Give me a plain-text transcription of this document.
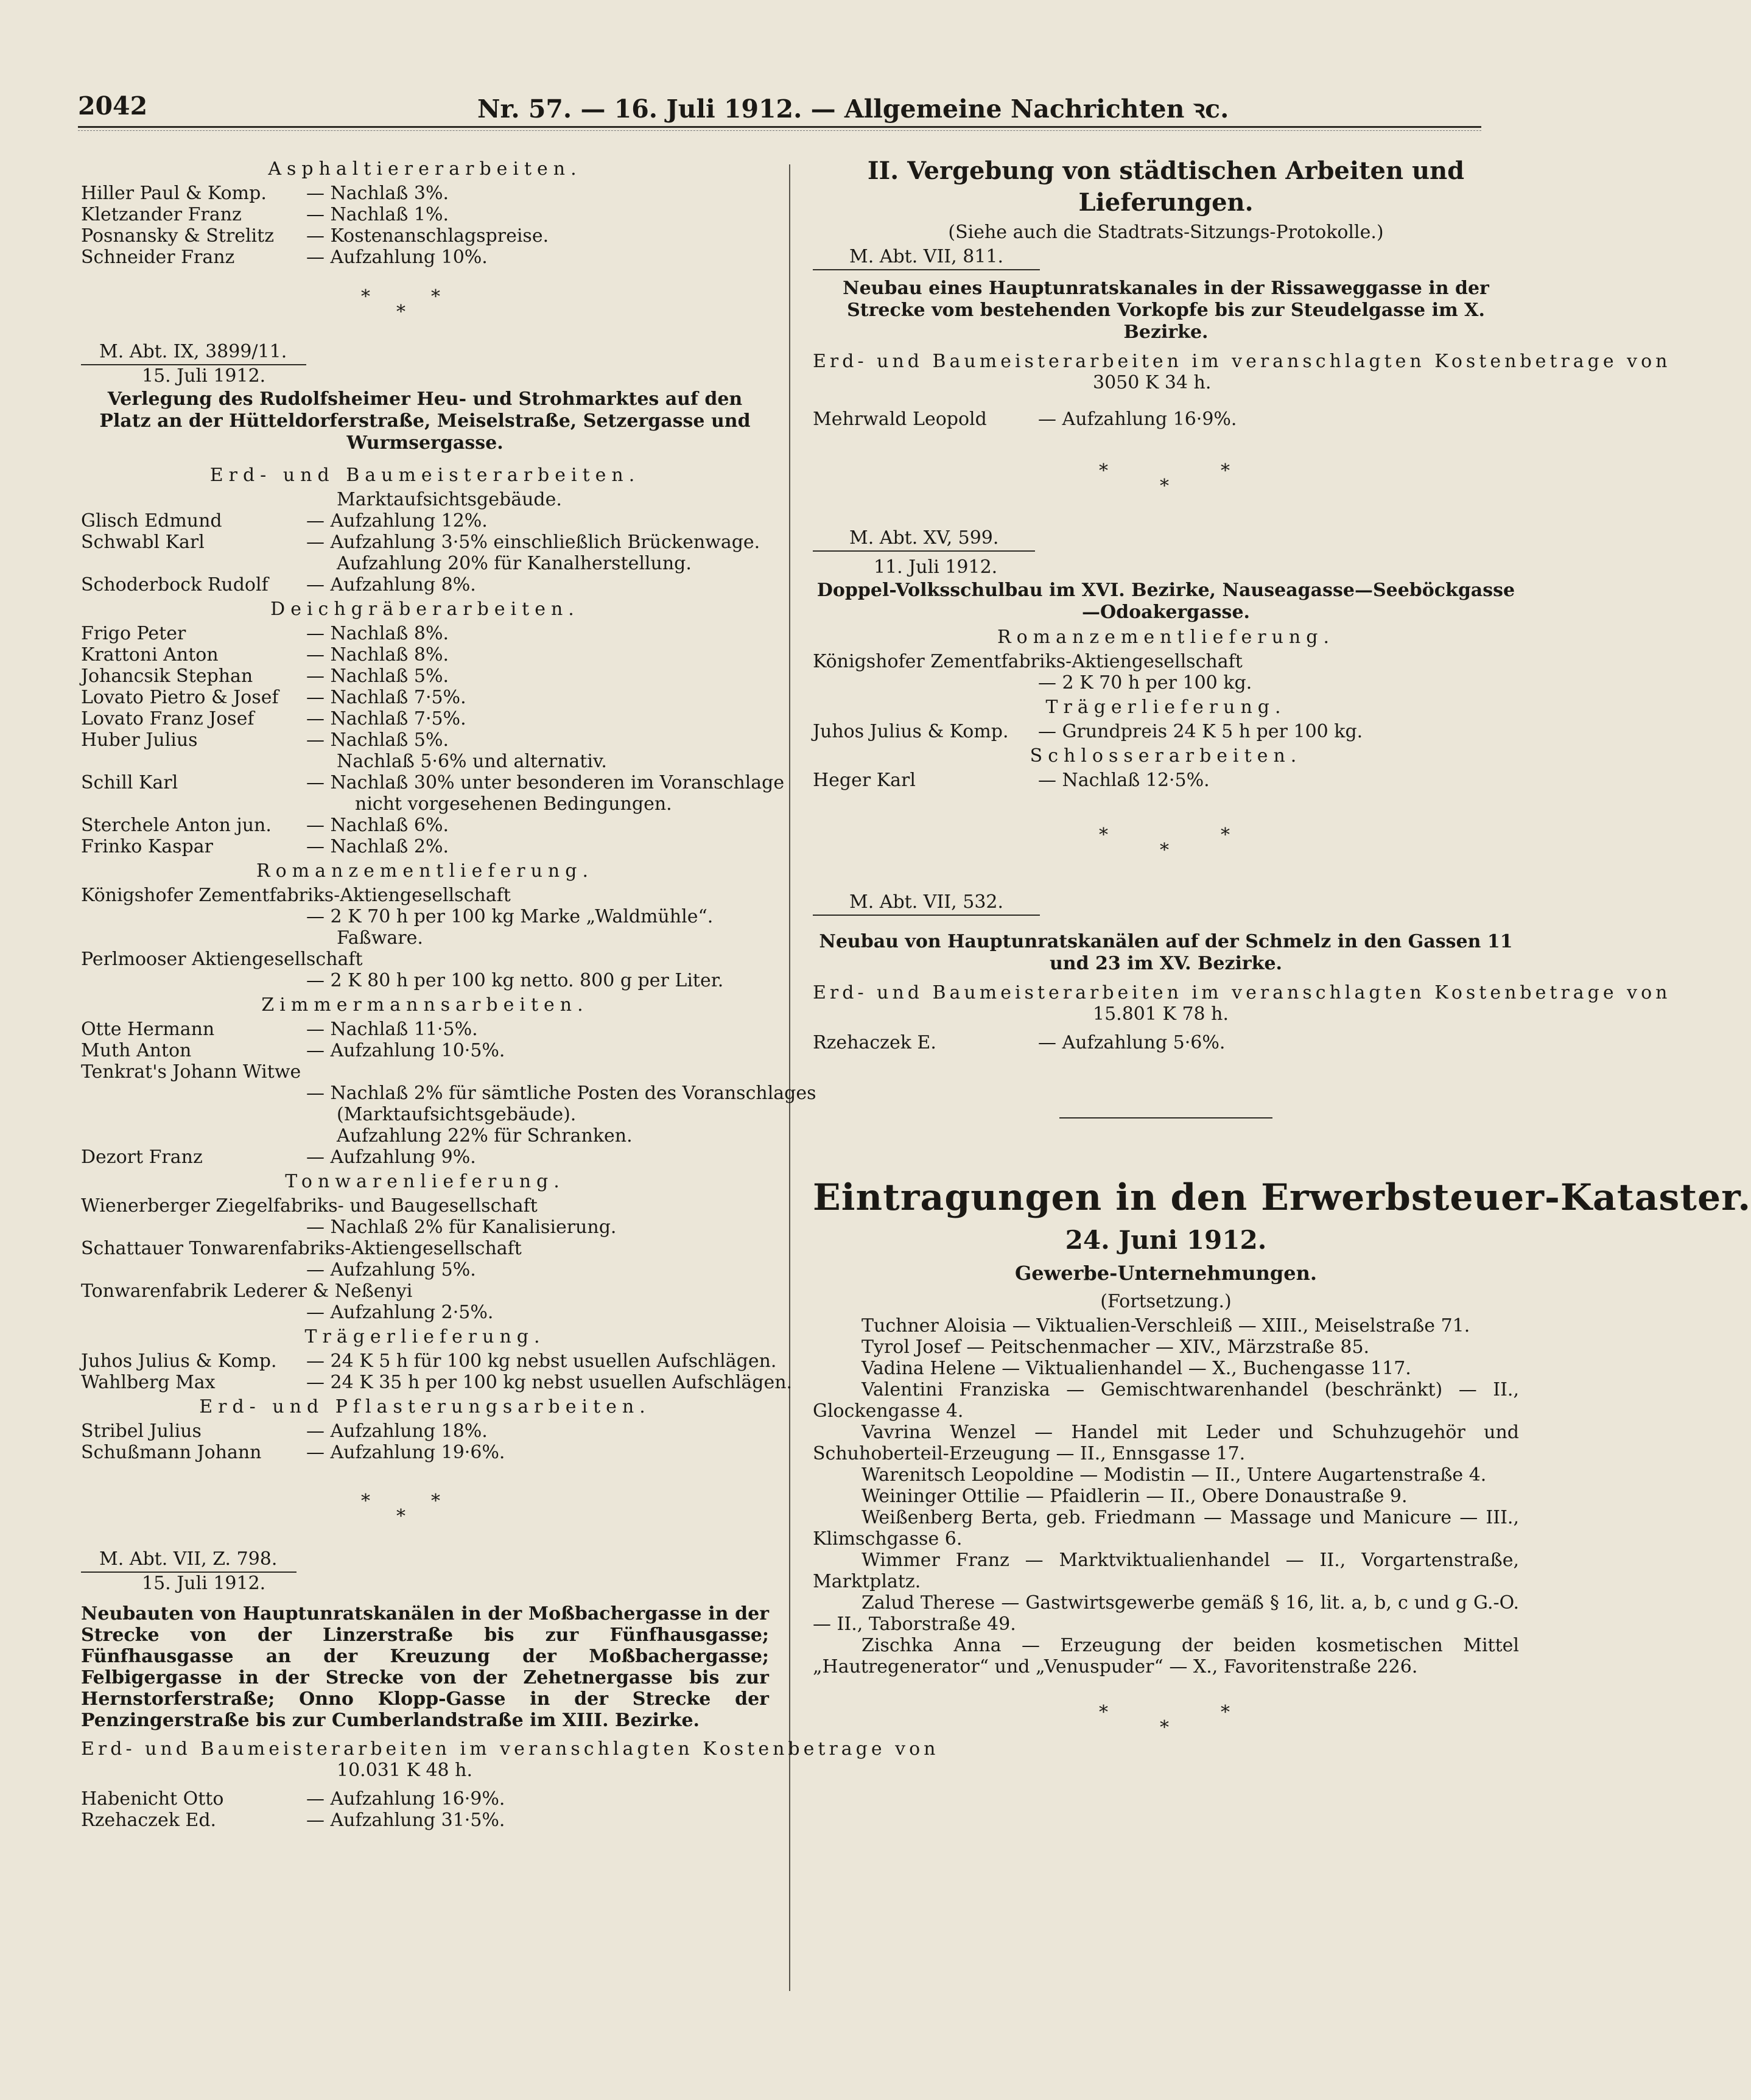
2042	Nr. 57. — 16. Juli 1912. — Allgemeine Nachrichten ꝛc.
Asphaltiererarbeiten.
Hiller Paul & Komp. — Nachlaß 3%.
Kletzander Franz	— Nachlaß 1%.
Posnansky & Strelitz — Kostenanschlagspreise.
Schneider Franz	— Aufzahlung 10%.
*	*
*
M. Abt. IX, 3899/11.
15. Juli 1912.
Verlegung des Rudolfsheimer Heu- und Strohmarktes auf den Platz an der Hütteldorferstraße, Meiselstraße, Setzergasse und Wurmsergasse.
Erd- und Baumeisterarbeiten.
Marktaufsichtsgebäude.
Glisch Edmund	— Aufzahlung 12%.
Schwabl Karl	— Aufzahlung 3·5% einschließlich Brückenwage.
Aufzahlung 20% für Kanalherstellung.
Schoderbock Rudolf — Aufzahlung 8%.
Deichgräberarbeiten.
Frigo Peter	— Nachlaß 8%.
Krattoni Anton	— Nachlaß 8%.
Johancsik Stephan	— Nachlaß 5%.
Lovato Pietro & Josef — Nachlaß 7·5%.
Lovato Franz Josef	— Nachlaß 7·5%.
Huber Julius	— Nachlaß 5%.
Nachlaß 5·6% und alternativ.
Schill Karl	— Nachlaß 30% unter besonderen im Voranschlage
nicht vorgesehenen Bedingungen.
Sterchele Anton jun. — Nachlaß 6%.
Frinko Kaspar	— Nachlaß 2%.
Romanzementlieferung.
Königshofer Zementfabriks-Aktiengesellschaft
— 2 K 70 h per 100 kg Marke „Waldmühle“.
Faßware.
Perlmooser Aktiengesellschaft
— 2 K 80 h per 100 kg netto. 800 g per Liter.
Zimmermannsarbeiten.
Otte Hermann	— Nachlaß 11·5%.
Muth Anton	— Aufzahlung 10·5%.
Tenkrat's Johann Witwe
— Nachlaß 2% für sämtliche Posten des Voranschlages
(Marktaufsichtsgebäude).
Aufzahlung 22% für Schranken.
Dezort Franz	— Aufzahlung 9%.
Tonwarenlieferung.
Wienerberger Ziegelfabriks- und Baugesellschaft
— Nachlaß 2% für Kanalisierung.
Schattauer Tonwarenfabriks-Aktiengesellschaft
— Aufzahlung 5%.
Tonwarenfabrik Lederer & Neßenyi
— Aufzahlung 2·5%.
Trägerlieferung.
Juhos Julius & Komp. — 24 K 5 h für 100 kg nebst usuellen Aufschlägen.
Wahlberg Max	— 24 K 35 h per 100 kg nebst usuellen Aufschlägen.
Erd- und Pflasterungsarbeiten.
Stribel Julius	— Aufzahlung 18%.
Schußmann Johann — Aufzahlung 19·6%.
*	*
*
M. Abt. VII, Z. 798.
15. Juli 1912.
Neubauten von Hauptunratskanälen in der Moßbachergasse in der Strecke von der Linzerstraße bis zur Fünfhausgasse; Fünfhausgasse an der Kreuzung der Moßbachergasse; Felbigergasse in der Strecke von der Zehetnergasse bis zur Hernstorferstraße; Onno Klopp-Gasse in der Strecke der Penzingerstraße bis zur Cumberlandstraße im XIII. Bezirke.
Erd- und Baumeisterarbeiten im veranschlagten Kostenbetrage von
10.031 K 48 h.
Habenicht Otto	— Aufzahlung 16·9%.
Rzehaczek Ed.	— Aufzahlung 31·5%.
II. Vergebung von städtischen Arbeiten und Lieferungen.
(Siehe auch die Stadtrats-Sitzungs-Protokolle.)
M. Abt. VII, 811.
Neubau eines Hauptunratskanales in der Rissaweggasse in der Strecke vom bestehenden Vorkopfe bis zur Steudelgasse im X. Bezirke.
Erd- und Baumeisterarbeiten im veranschlagten Kostenbetrage von
3050 K 34 h.
Mehrwald Leopold	— Aufzahlung 16·9%.
*	*
*
M. Abt. XV, 599.
11. Juli 1912.
Doppel-Volksschulbau im XVI. Bezirke, Nauseagasse—Seeböckgasse—Odoakergasse.
Romanzementlieferung.
Königshofer Zementfabriks-Aktiengesellschaft
— 2 K 70 h per 100 kg.
Trägerlieferung.
Juhos Julius & Komp. — Grundpreis 24 K 5 h per 100 kg.
Schlosserarbeiten.
Heger Karl	— Nachlaß 12·5%.
*	*
*
M. Abt. VII, 532.
Neubau von Hauptunratskanälen auf der Schmelz in den Gassen 11 und 23 im XV. Bezirke.
Erd- und Baumeisterarbeiten im veranschlagten Kostenbetrage von
15.801 K 78 h.
Rzehaczek E.	— Aufzahlung 5·6%.
Eintragungen in den Erwerbsteuer-Kataster.
24. Juni 1912.
Gewerbe-Unternehmungen.
(Fortsetzung.)
Tuchner Aloisia — Viktualien-Verschleiß — XIII., Meiselstraße 71.
Tyrol Josef — Peitschenmacher — XIV., Märzstraße 85.
Vadina Helene — Viktualienhandel — X., Buchengasse 117.
Valentini Franziska — Gemischtwarenhandel (beschränkt) — II., Glockengasse 4.
Vavrina Wenzel — Handel mit Leder und Schuhzugehör und Schuhoberteil-Erzeugung — II., Ennsgasse 17.
Warenitsch Leopoldine — Modistin — II., Untere Augartenstraße 4.
Weininger Ottilie — Pfaidlerin — II., Obere Donaustraße 9.
Weißenberg Berta, geb. Friedmann — Massage und Manicure — III., Klimschgasse 6.
Wimmer Franz — Marktviktualienhandel — II., Vorgartenstraße, Marktplatz.
Zalud Therese — Gastwirtsgewerbe gemäß § 16, lit. a, b, c und g G.-O. — II., Taborstraße 49.
Zischka Anna — Erzeugung der beiden kosmetischen Mittel „Hautregenerator“ und „Venuspuder“ — X., Favoritenstraße 226.
*	*
*
